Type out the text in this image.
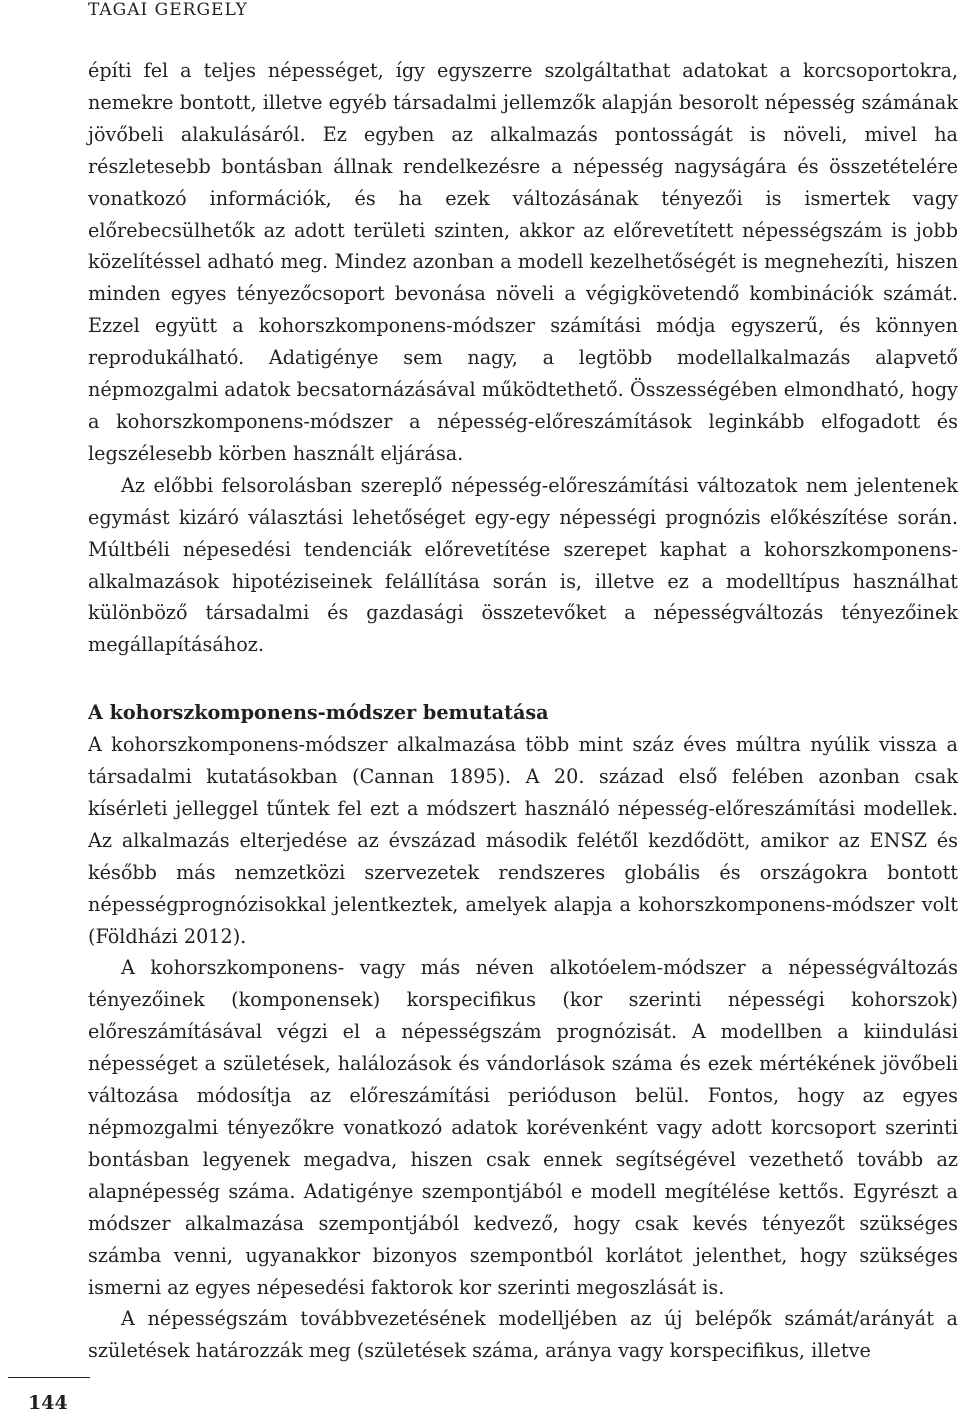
TAGAI GERGELY

építi fel a teljes népességet, így egyszerre szolgáltathat adatokat a korcsoportokra, nemekre bontott, illetve egyéb társadalmi jellemzők alapján besorolt népesség számának jövőbeli alakulásáról. Ez egyben az alkalmazás pontosságát is növeli, mivel ha részletesebb bontásban állnak rendelkezésre a népesség nagyságára és összetételére vonatkozó információk, és ha ezek változásának tényezői is ismertek vagy előrebecsülhetők az adott területi szinten, akkor az előrevetített népességszám is jobb közelítéssel adható meg. Mindez azonban a modell kezelhetőségét is megnehezíti, hiszen minden egyes tényezőcsoport bevonása növeli a végigkövetendő kombinációk számát. Ezzel együtt a kohorszkomponens-módszer számítási módja egyszerű, és könnyen reprodukálható. Adatigénye sem nagy, a legtöbb modellalkalmazás alapvető népmozgalmi adatok becsatornázásával működtethető. Összességében elmondható, hogy a kohorszkomponens-módszer a népesség-előreszámítások leginkább elfogadott és legszélesebb körben használt eljárása.

Az előbbi felsorolásban szereplő népesség-előreszámítási változatok nem jelentenek egymást kizáró választási lehetőséget egy-egy népességi prognózis előkészítése során. Múltbéli népesedési tendenciák előrevetítése szerepet kaphat a kohorszkomponens-alkalmazások hipotéziseinek felállítása során is, illetve ez a modelltípus használhat különböző társadalmi és gazdasági összetevőket a népességváltozás tényezőinek megállapításához.

A kohorszkomponens-módszer bemutatása

A kohorszkomponens-módszer alkalmazása több mint száz éves múltra nyúlik vissza a társadalmi kutatásokban (Cannan 1895). A 20. század első felében azonban csak kísérleti jelleggel tűntek fel ezt a módszert használó népesség-előreszámítási modellek. Az alkalmazás elterjedése az évszázad második felétől kezdődött, amikor az ENSZ és később más nemzetközi szervezetek rendszeres globális és országokra bontott népességprognózisokkal jelentkeztek, amelyek alapja a kohorszkomponens-módszer volt (Földházi 2012).

A kohorszkomponens- vagy más néven alkotóelem-módszer a népességváltozás tényezőinek (komponensek) korspecifikus (kor szerinti népességi kohorszok) előreszámításával végzi el a népességszám prognózisát. A modellben a kiindulási népességet a születések, halálozások és vándorlások száma és ezek mértékének jövőbeli változása módosítja az előreszámítási perióduson belül. Fontos, hogy az egyes népmozgalmi tényezőkre vonatkozó adatok korévenként vagy adott korcsoport szerinti bontásban legyenek megadva, hiszen csak ennek segítségével vezethető tovább az alapnépesség száma. Adatigénye szempontjából e modell megítélése kettős. Egyrészt a módszer alkalmazása szempontjából kedvező, hogy csak kevés tényezőt szükséges számba venni, ugyanakkor bizonyos szempontból korlátot jelenthet, hogy szükséges ismerni az egyes népesedési faktorok kor szerinti megoszlását is.

A népességszám továbbvezetésének modelljében az új belépők számát/arányát a születések határozzák meg (születések száma, aránya vagy korspecifikus, illetve

144
